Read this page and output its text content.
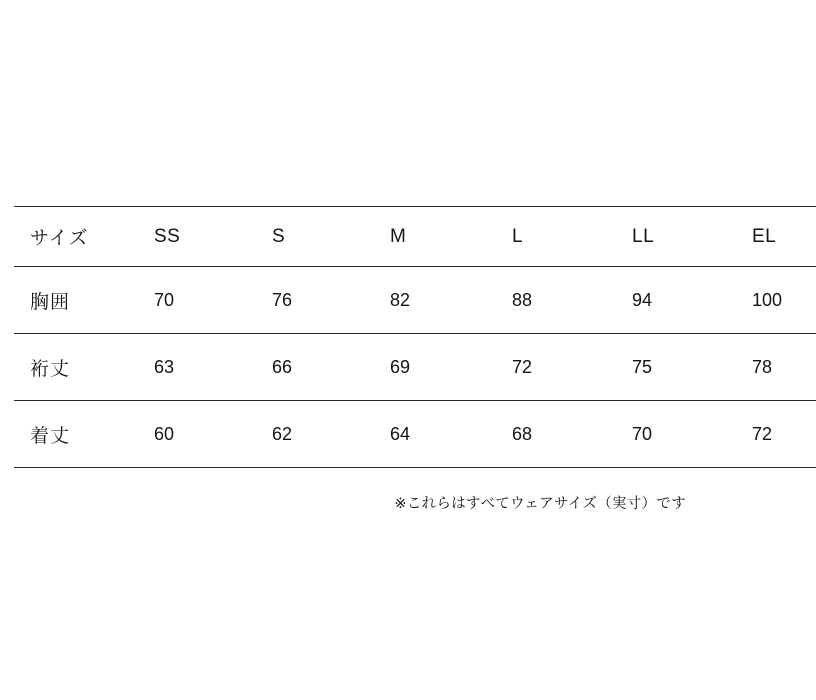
サイズ	SS	S	M	L	LL	EL
胸囲	70	76	82	88	94	100
裄丈	63	66	69	72	75	78
着丈	60	62	64	68	70	72
※これらはすべてウェアサイズ（実寸）です
